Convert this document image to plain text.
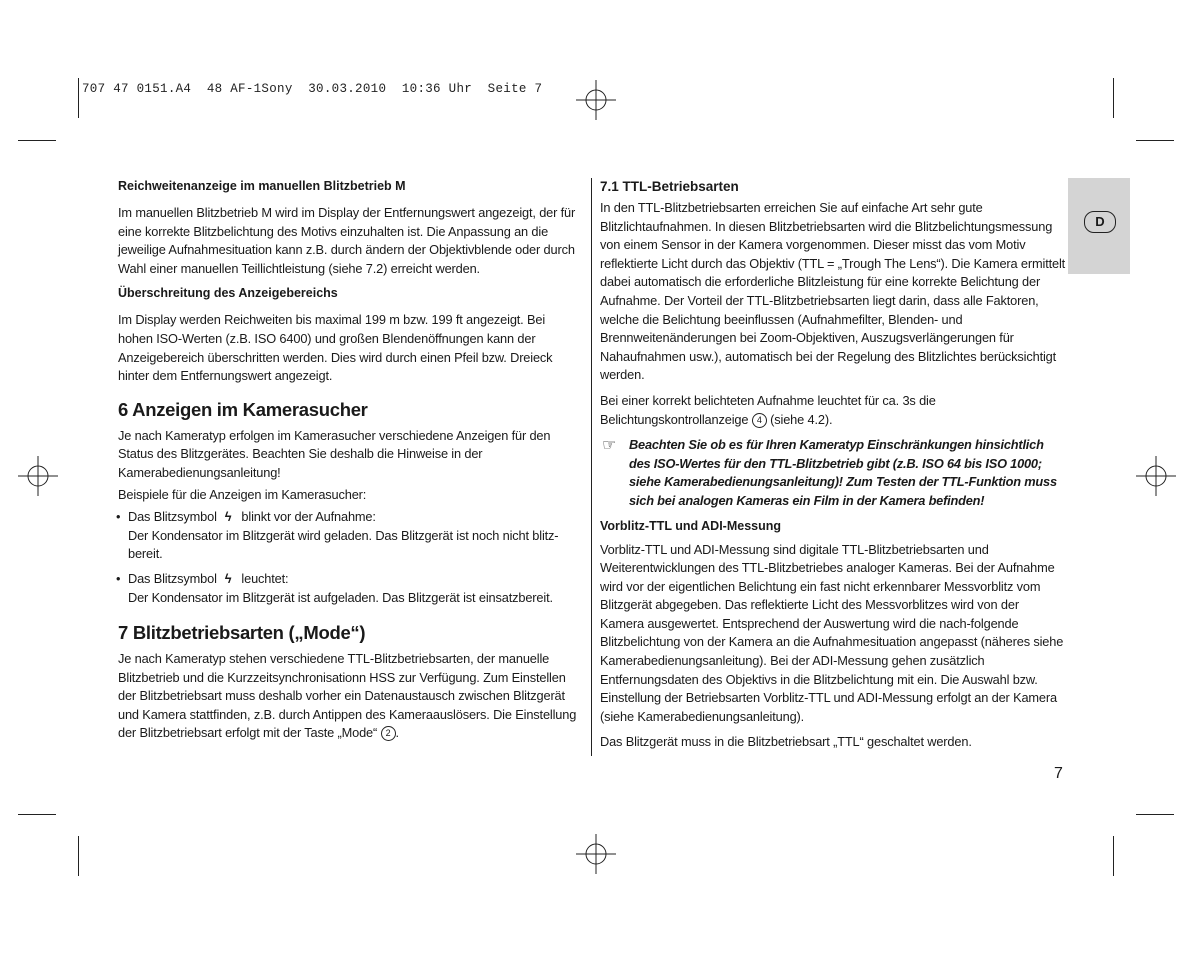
707 47 0151.A4  48 AF-1Sony  30.03.2010  10:36 Uhr  Seite 7
D
Reichweitenanzeige im manuellen Blitzbetrieb M
Im manuellen Blitzbetrieb M wird im Display der Entfernungswert angezeigt, der für eine korrekte Blitzbelichtung des Motivs einzuhalten ist. Die Anpassung an die jeweilige Aufnahmesituation kann z.B. durch ändern der Objektivblende oder durch Wahl einer manuellen Teillichtleistung (siehe 7.2) erreicht werden.
Überschreitung des Anzeigebereichs
Im Display werden Reichweiten bis maximal 199 m bzw. 199 ft angezeigt. Bei hohen ISO-Werten (z.B. ISO 6400) und großen Blendenöffnungen kann der Anzeigebereich überschritten werden. Dies wird durch einen Pfeil bzw. Dreieck hinter dem Entfernungswert angezeigt.
6 Anzeigen im Kamerasucher
Je nach Kameratyp erfolgen im Kamerasucher verschiedene Anzeigen für den Status des Blitzgerätes. Beachten Sie deshalb die Hinweise in der Kamerabedienungsanleitung!
Beispiele für die Anzeigen im Kamerasucher:
• Das Blitzsymbol ϟ blinkt vor der Aufnahme:
Der Kondensator im Blitzgerät wird geladen. Das Blitzgerät ist noch nicht blitz-bereit.
• Das Blitzsymbol ϟ leuchtet:
Der Kondensator im Blitzgerät ist aufgeladen. Das Blitzgerät ist einsatzbereit.
7 Blitzbetriebsarten („Mode“)
Je nach Kameratyp stehen verschiedene TTL-Blitzbetriebsarten, der manuelle Blitzbetrieb und die Kurzzeitsynchronisationn HSS zur Verfügung. Zum Einstellen der Blitzbetriebsart muss deshalb vorher ein Datenaustausch zwischen Blitzgerät und Kamera stattfinden, z.B. durch Antippen des Kameraauslösers. Die Einstellung der Blitzbetriebsart erfolgt mit der Taste „Mode“ 2 .
7.1 TTL-Betriebsarten
In den TTL-Blitzbetriebsarten erreichen Sie auf einfache Art sehr gute Blitzlichtaufnahmen. In diesen Blitzbetriebsarten wird die Blitzbelichtungsmessung von einem Sensor in der Kamera vorgenommen. Dieser misst das vom Motiv reflektierte Licht durch das Objektiv (TTL = „Trough The Lens“). Die Kamera ermittelt dabei automatisch die erforderliche Blitzleistung für eine korrekte Belichtung der Aufnahme. Der Vorteil der TTL-Blitzbetriebsarten liegt darin, dass alle Faktoren, welche die Belichtung beeinflussen (Aufnahmefilter, Blenden- und Brennweitenänderungen bei Zoom-Objektiven, Auszugsverlängerungen für Nahaufnahmen usw.), automatisch bei der Regelung des Blitzlichtes berücksichtigt werden.
Bei einer korrekt belichteten Aufnahme leuchtet für ca. 3s die Belichtungskontrollanzeige 4 (siehe 4.2).
☞ Beachten Sie ob es für Ihren Kameratyp Einschränkungen hinsichtlich des ISO-Wertes für den TTL-Blitzbetrieb gibt (z.B. ISO 64 bis ISO 1000; siehe Kamerabedienungsanleitung)! Zum Testen der TTL-Funktion muss sich bei analogen Kameras ein Film in der Kamera befinden!
Vorblitz-TTL und ADI-Messung
Vorblitz-TTL und ADI-Messung sind digitale TTL-Blitzbetriebsarten und Weiterentwicklungen des TTL-Blitzbetriebes analoger Kameras. Bei der Aufnahme wird vor der eigentlichen Belichtung ein fast nicht erkennbarer Messvorblitz vom Blitzgerät abgegeben. Das reflektierte Licht des Messvorblitzes wird von der Kamera ausgewertet. Entsprechend der Auswertung wird die nach-folgende Blitzbelichtung von der Kamera an die Aufnahmesituation angepasst (näheres siehe Kamerabedienungsanleitung). Bei der ADI-Messung gehen zusätzlich Entfernungsdaten des Objektivs in die Blitzbelichtung mit ein. Die Auswahl bzw. Einstellung der Betriebsarten Vorblitz-TTL und ADI-Messung erfolgt an der Kamera (siehe Kamerabedienungsanleitung).
Das Blitzgerät muss in die Blitzbetriebsart „TTL“ geschaltet werden.
7
